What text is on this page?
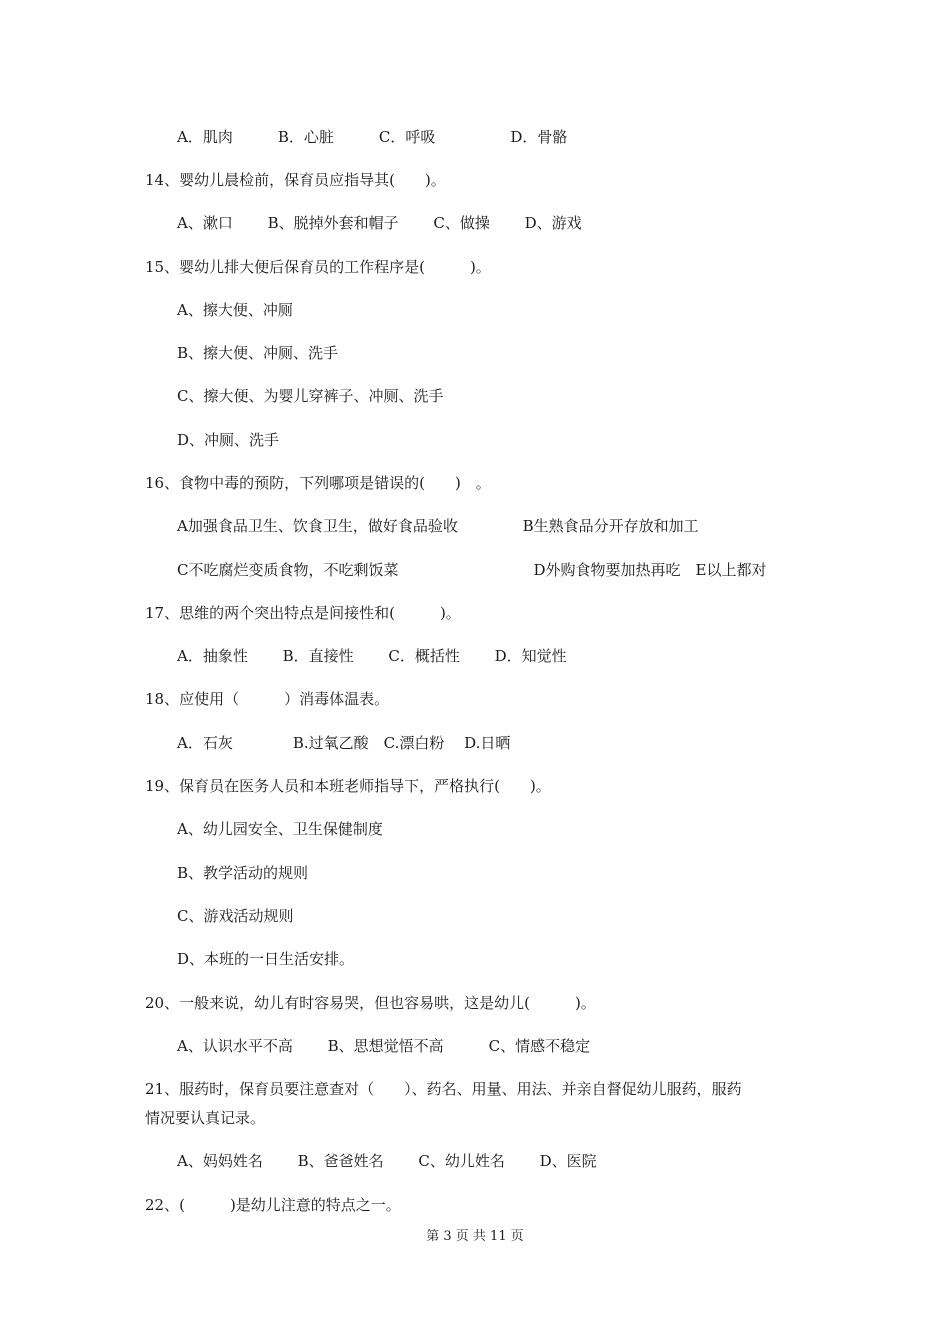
A．肌肉　　　B．心脏　　　C．呼吸　　　　　D．骨骼
14、婴幼儿晨检前，保育员应指导其(　　)。
A、漱口　　 B、脱掉外套和帽子　　 C、做操　　 D、游戏
15、婴幼儿排大便后保育员的工作程序是(　　　)。
A、擦大便、冲厕
B、擦大便、冲厕、洗手
C、擦大便、为婴儿穿裤子、冲厕、洗手
D、冲厕、洗手
16、食物中毒的预防，下列哪项是错误的(　　)　。
A加强食品卫生、饮食卫生，做好食品验收　　　　 B生熟食品分开存放和加工
C不吃腐烂变质食物，不吃剩饭菜　　　　　　　　　D外购食物要加热再吃　E以上都对
17、思维的两个突出特点是间接性和(　　　)。
A．抽象性　　 B．直接性　　 C．概括性　　 D．知觉性
18、应使用（　　　）消毒体温表。
A．石灰　　　　B.过氧乙酸　C.漂白粉　 D.日晒
19、保育员在医务人员和本班老师指导下，严格执行(　　)。
A、幼儿园安全、卫生保健制度
B、教学活动的规则
C、游戏活动规则
D、本班的一日生活安排。
20、一般来说，幼儿有时容易哭，但也容易哄，这是幼儿(　　　)。
A、认识水平不高　　 B、思想觉悟不高　　　C、情感不稳定
21、服药时，保育员要注意查对（　　）、药名、用量、用法、并亲自督促幼儿服药，服药
情况要认真记录。
A、妈妈姓名　　 B、爸爸姓名　　 C、幼儿姓名　　 D、医院
22、(　　　)是幼儿注意的特点之一。
第 3 页 共 11 页
